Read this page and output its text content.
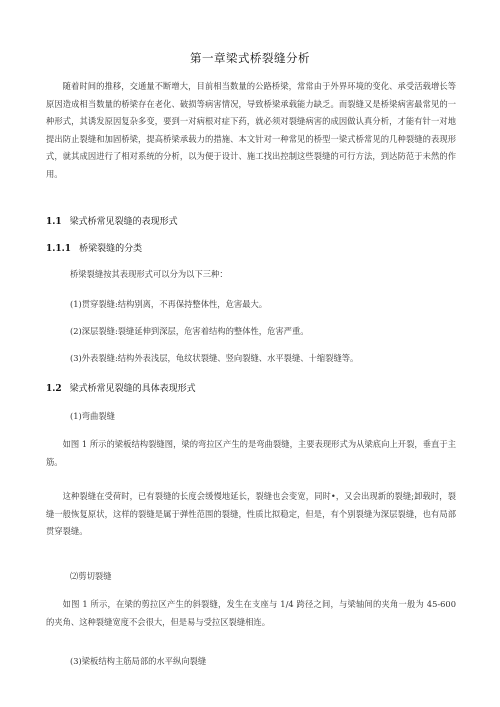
第一章梁式桥裂缝分析

随着时间的推移，交通量不断增大，目前相当数量的公路桥梁，常常由于外界环境的变化、承受活载增长等原因造成相当数量的桥梁存在老化、破损等病害情况，导致桥梁承载能力缺乏。而裂缝又是桥梁病害最常见的一种形式，其诱发原因复杂多变，要到一对病根对症下药，就必须对裂缝病害的成因做认真分析，才能有针一对地提出防止裂缝和加固桥梁，提高桥梁承载力的措施、本文针对一种常见的桥型一梁式桥常见的几种裂缝的表现形式，就其成因进行了相对系统的分析，以为便于设计、施工找出控制这些裂缝的可行方法，到达防范于未然的作用。

1.1 梁式桥常见裂缝的表现形式
1.1.1 桥梁裂缝的分类
桥梁裂缝按其表现形式可以分为以下三种：
(1)贯穿裂缝:结构别离，不再保持整体性，危害最大。
(2)深层裂缝:裂缝延伸到深层，危害着结构的整体性，危害严重。
(3)外表裂缝:结构外表浅层，龟纹状裂缝、竖向裂缝、水平裂缝、十缩裂缝等。
1.2 梁式桥常见裂缝的具体表现形式
(1)弯曲裂缝

如图 1 所示的梁板结构裂缝图，梁的弯拉区产生的是弯曲裂缝，主要表现形式为从梁底向上开裂，垂直于主筋。

这种裂缝在受荷时，已有裂缝的长度会缓慢地延长，裂缝也会变宽，同时•，又会出现新的裂缝;卸载时，裂缝一般恢复原状，这样的裂缝是属于弹性范围的裂缝，性质比拟稳定，但是，有个别裂缝为深层裂缝，也有局部贯穿裂缝。

⑵剪切裂缝

如图 1 所示，在梁的剪拉区产生的斜裂缝，发生在支座与 1/4 跨径之间，与梁轴间的夹角一般为 45-600 的夹角、这种裂缝宽度不会很大，但是易与受拉区裂缝相连。

(3)梁板结构主筋局部的水平纵向裂缝
